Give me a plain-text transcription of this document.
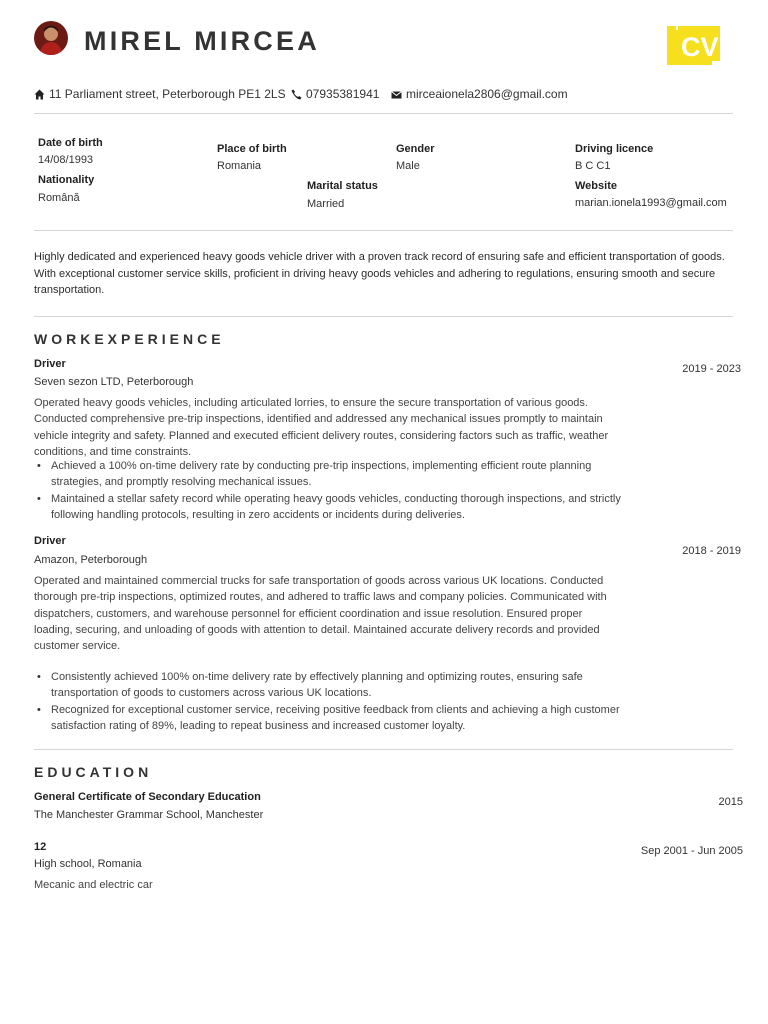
MIREL MIRCEA	CV
11 Parliament street, Peterborough PE1 2LS 07935381941 mirceaionela2806@gmail.com
Date of birth
14/08/1993
Nationality
Română
Place of birth
Romania
Marital status
Married
Gender
Male
Driving licence
B C C1
Website
marian.ionela1993@gmail.com
Highly dedicated and experienced heavy goods vehicle driver with a proven track record of ensuring safe and efficient transportation of goods. With exceptional customer service skills, proficient in driving heavy goods vehicles and adhering to regulations, ensuring smooth and secure transportation.
WORKEXPERIENCE
Driver
Seven sezon LTD, Peterborough
2019 - 2023
Operated heavy goods vehicles, including articulated lorries, to ensure the secure transportation of various goods. Conducted comprehensive pre-trip inspections, identified and addressed any mechanical issues promptly to maintain vehicle integrity and safety. Planned and executed efficient delivery routes, considering factors such as traffic, weather conditions, and time constraints.
• Achieved a 100% on-time delivery rate by conducting pre-trip inspections, implementing efficient route planning strategies, and promptly resolving mechanical issues.
• Maintained a stellar safety record while operating heavy goods vehicles, conducting thorough inspections, and strictly following handling protocols, resulting in zero accidents or incidents during deliveries.
Driver
Amazon, Peterborough
2018 - 2019
Operated and maintained commercial trucks for safe transportation of goods across various UK locations. Conducted thorough pre-trip inspections, optimized routes, and adhered to traffic laws and company policies. Communicated with dispatchers, customers, and warehouse personnel for efficient coordination and issue resolution. Ensured proper loading, securing, and unloading of goods with attention to detail. Maintained accurate delivery records and provided customer service.
• Consistently achieved 100% on-time delivery rate by effectively planning and optimizing routes, ensuring safe transportation of goods to customers across various UK locations.
• Recognized for exceptional customer service, receiving positive feedback from clients and achieving a high customer satisfaction rating of 89%, leading to repeat business and increased customer loyalty.
EDUCATION
General Certificate of Secondary Education
The Manchester Grammar School, Manchester
2015
12
High school, Romania
Sep 2001 - Jun 2005
Mecanic and electric car
